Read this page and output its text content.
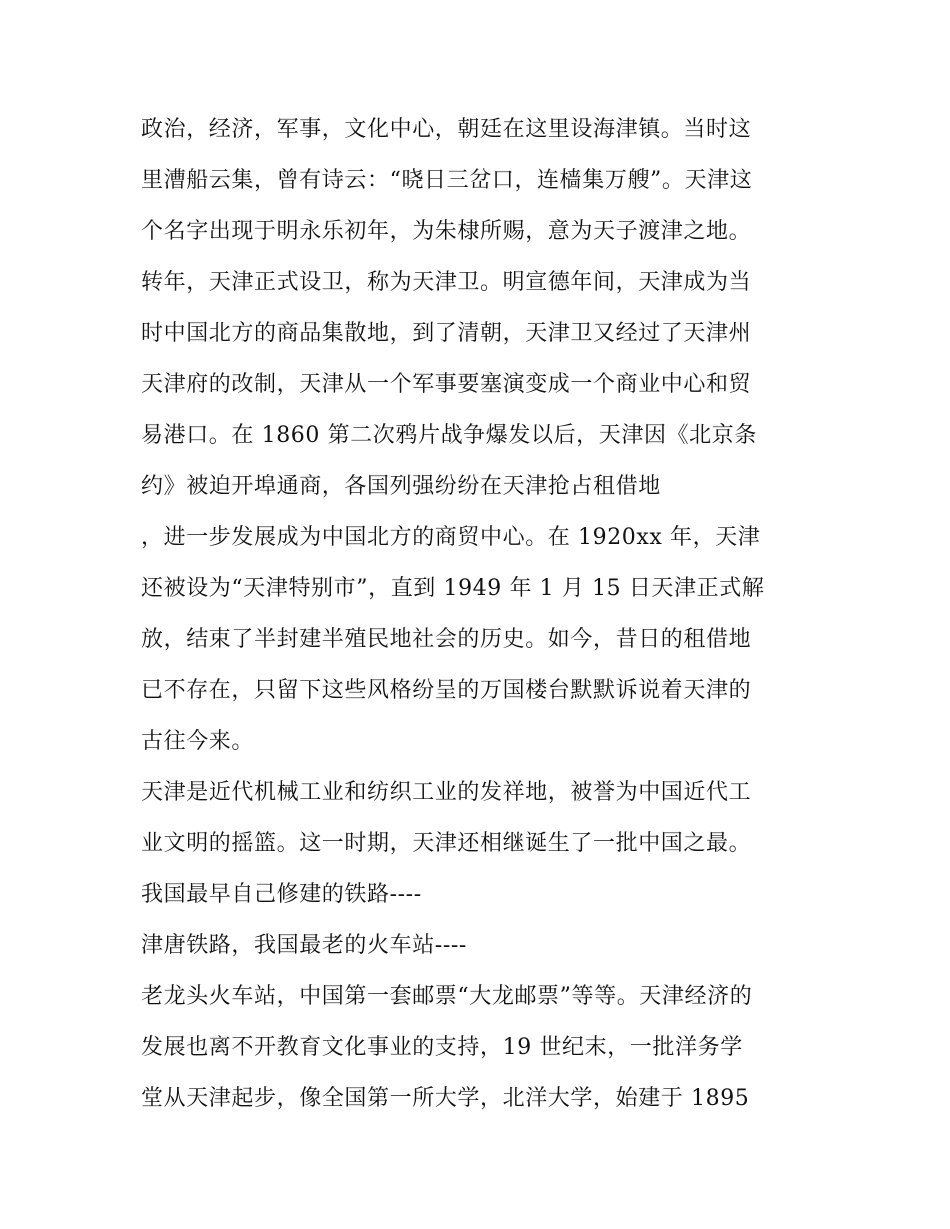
政治，经济，军事，文化中心，朝廷在这里设海津镇。当时这
里漕船云集，曾有诗云：“晓日三岔口，连樯集万艘”。天津这
个名字出现于明永乐初年，为朱棣所赐，意为天子渡津之地。
转年，天津正式设卫，称为天津卫。明宣德年间，天津成为当
时中国北方的商品集散地，到了清朝，天津卫又经过了天津州
天津府的改制，天津从一个军事要塞演变成一个商业中心和贸
易港口。在 1860 第二次鸦片战争爆发以后，天津因《北京条
约》被迫开埠通商，各国列强纷纷在天津抢占租借地
，进一步发展成为中国北方的商贸中心。在 1920xx 年，天津
还被设为“天津特别市”，直到 1949 年 1 月 15 日天津正式解
放，结束了半封建半殖民地社会的历史。如今，昔日的租借地
已不存在，只留下这些风格纷呈的万国楼台默默诉说着天津的
古往今来。
天津是近代机械工业和纺织工业的发祥地，被誉为中国近代工
业文明的摇篮。这一时期，天津还相继诞生了一批中国之最。
我国最早自己修建的铁路----
津唐铁路，我国最老的火车站----
老龙头火车站，中国第一套邮票“大龙邮票”等等。天津经济的
发展也离不开教育文化事业的支持，19 世纪末，一批洋务学
堂从天津起步，像全国第一所大学，北洋大学，始建于 1895
